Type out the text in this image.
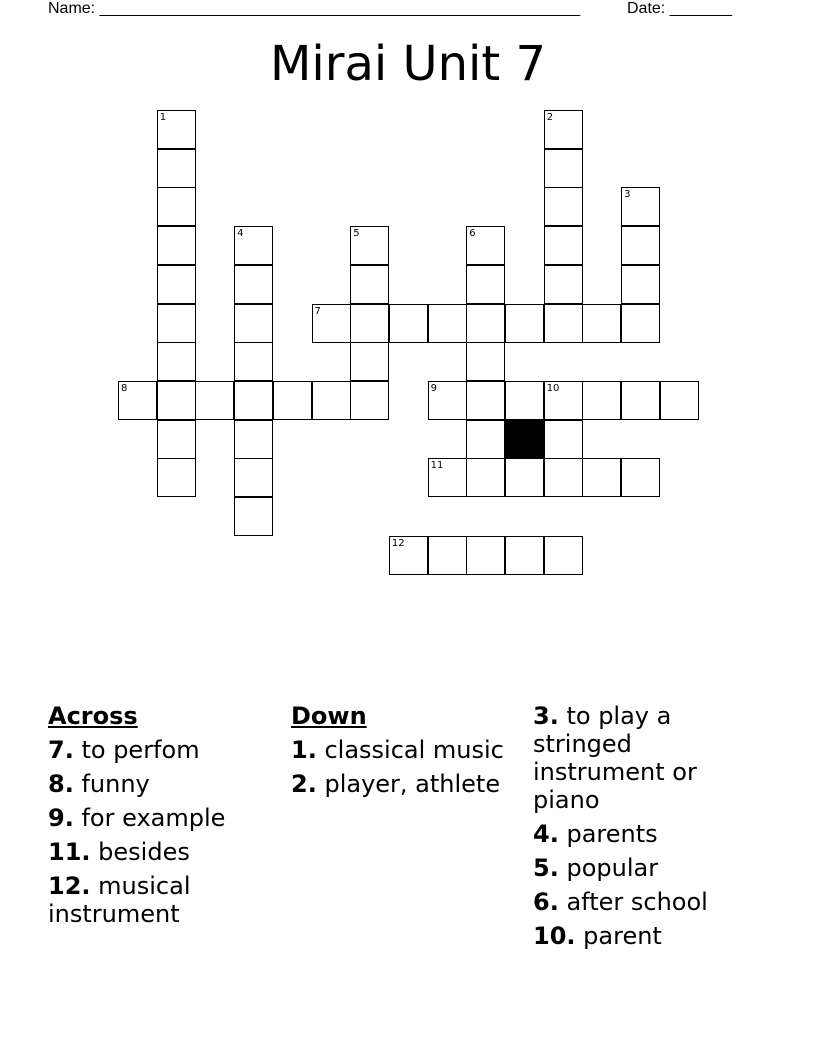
Name: ______________________________________________________	Date: _______
Mirai Unit 7
1	2
3
4	5	6
10
7
8	9
11
12
Across
7. to perfom
8. funny
9. for example
11. besides
12. musical instrument
Down
1. classical music
2. player, athlete
3. to play a stringed instrument or piano
4. parents
5. popular
6. after school
10. parent
